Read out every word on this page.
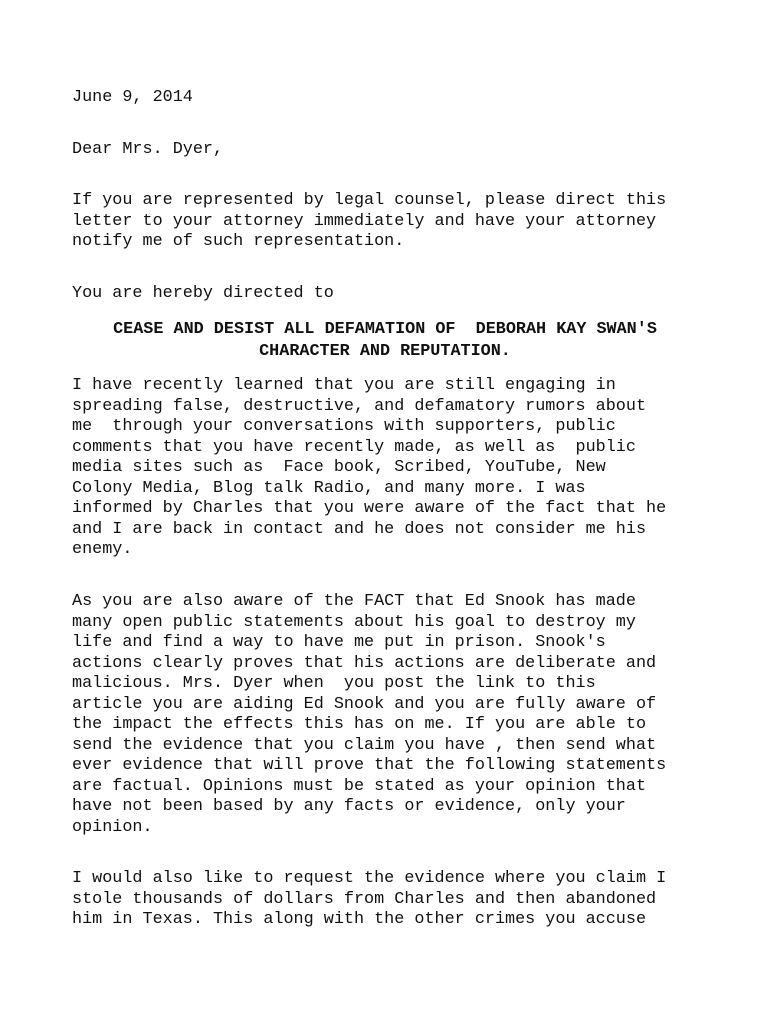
June 9, 2014
Dear Mrs. Dyer,
If you are represented by legal counsel, please direct this
letter to your attorney immediately and have your attorney
notify me of such representation.
You are hereby directed to
CEASE AND DESIST ALL DEFAMATION OF  DEBORAH KAY SWAN'S
CHARACTER AND REPUTATION.
I have recently learned that you are still engaging in
spreading false, destructive, and defamatory rumors about
me  through your conversations with supporters, public
comments that you have recently made, as well as  public
media sites such as  Face book, Scribed, YouTube, New
Colony Media, Blog talk Radio, and many more. I was
informed by Charles that you were aware of the fact that he
and I are back in contact and he does not consider me his
enemy.
As you are also aware of the FACT that Ed Snook has made
many open public statements about his goal to destroy my
life and find a way to have me put in prison. Snook's
actions clearly proves that his actions are deliberate and
malicious. Mrs. Dyer when  you post the link to this
article you are aiding Ed Snook and you are fully aware of
the impact the effects this has on me. If you are able to
send the evidence that you claim you have , then send what
ever evidence that will prove that the following statements
are factual. Opinions must be stated as your opinion that
have not been based by any facts or evidence, only your
opinion.
I would also like to request the evidence where you claim I
stole thousands of dollars from Charles and then abandoned
him in Texas. This along with the other crimes you accuse
